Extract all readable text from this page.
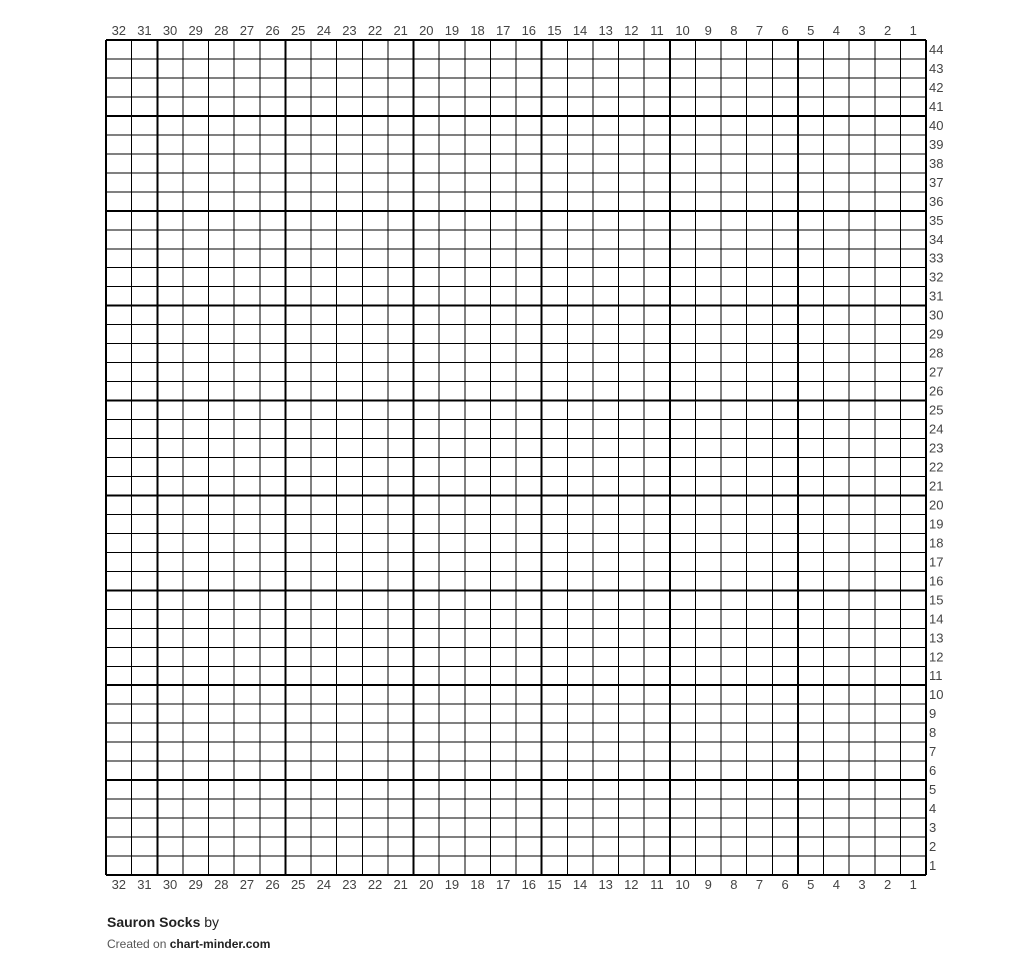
32 31 30 29 28 27 26 25 24 23 22 21 20 19 18 17 16 15 14 13 12 11 10 9 8 7 6 5 4 3 2 1
32 31 30 29 28 27 26 25 24 23 22 21 20 19 18 17 16 15 14 13 12 11 10 9 8 7 6 5 4 3 2 1
44
43
42
41
40
39
38
37
36
35
34
33
32
31
30
29
28
27
26
25
24
23
22
21
20
19
18
17
16
15
14
13
12
11
10
9
8
7
6
5
4
3
2
1

Sauron Socks by

Created on chart-minder.com
